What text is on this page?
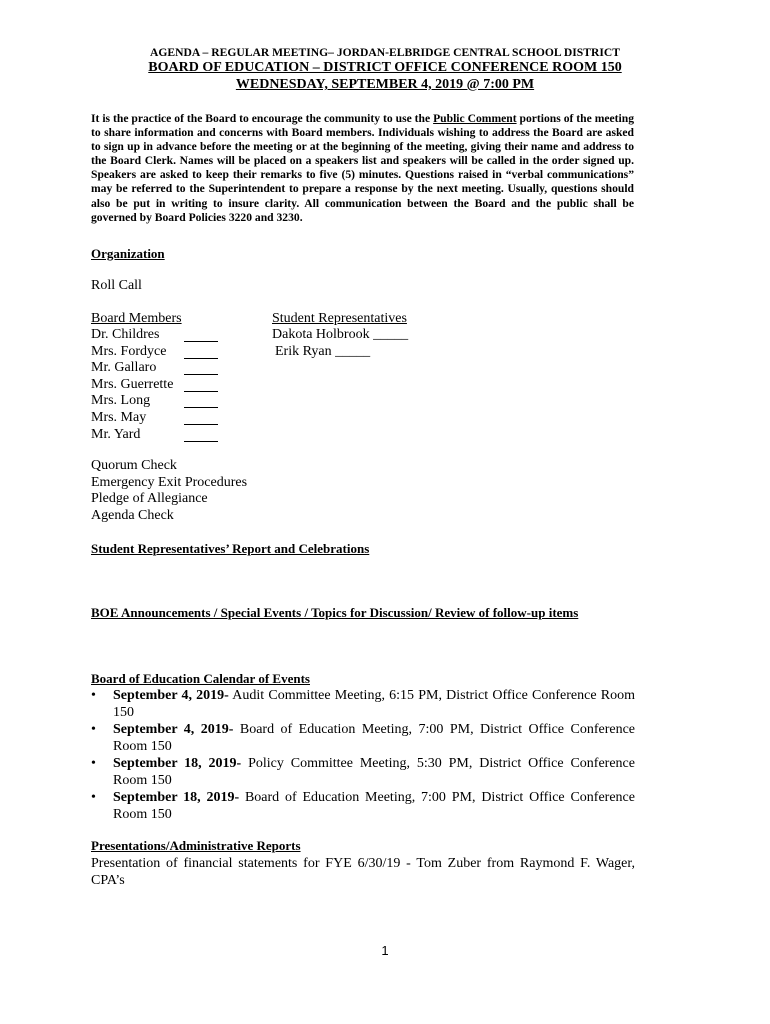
AGENDA – REGULAR MEETING– JORDAN-ELBRIDGE CENTRAL SCHOOL DISTRICT
BOARD OF EDUCATION – DISTRICT OFFICE CONFERENCE ROOM 150
WEDNESDAY, SEPTEMBER 4, 2019 @ 7:00 PM
It is the practice of the Board to encourage the community to use the Public Comment portions of the meeting to share information and concerns with Board members. Individuals wishing to address the Board are asked to sign up in advance before the meeting or at the beginning of the meeting, giving their name and address to the Board Clerk. Names will be placed on a speakers list and speakers will be called in the order signed up. Speakers are asked to keep their remarks to five (5) minutes. Questions raised in “verbal communications” may be referred to the Superintendent to prepare a response by the next meeting. Usually, questions should also be put in writing to insure clarity. All communication between the Board and the public shall be governed by Board Policies 3220 and 3230.
Organization
Roll Call
Board Members	Student Representatives
Dr. Childres
Mrs. Fordyce
Mr. Gallaro
Mrs. Guerrette
Mrs. Long
Mrs. May
Mr. Yard
Dakota Holbrook _____
Erik Ryan _____
Quorum Check
Emergency Exit Procedures
Pledge of Allegiance
Agenda Check
Student Representatives’ Report and Celebrations
BOE Announcements / Special Events / Topics for Discussion/ Review of follow-up items
Board of Education Calendar of Events
• September 4, 2019- Audit Committee Meeting, 6:15 PM, District Office Conference Room 150
• September 4, 2019- Board of Education Meeting, 7:00 PM, District Office Conference Room 150
• September 18, 2019- Policy Committee Meeting, 5:30 PM, District Office Conference Room 150
• September 18, 2019- Board of Education Meeting, 7:00 PM, District Office Conference Room 150
Presentations/Administrative Reports
Presentation of financial statements for FYE 6/30/19 - Tom Zuber from Raymond F. Wager, CPA’s
1
